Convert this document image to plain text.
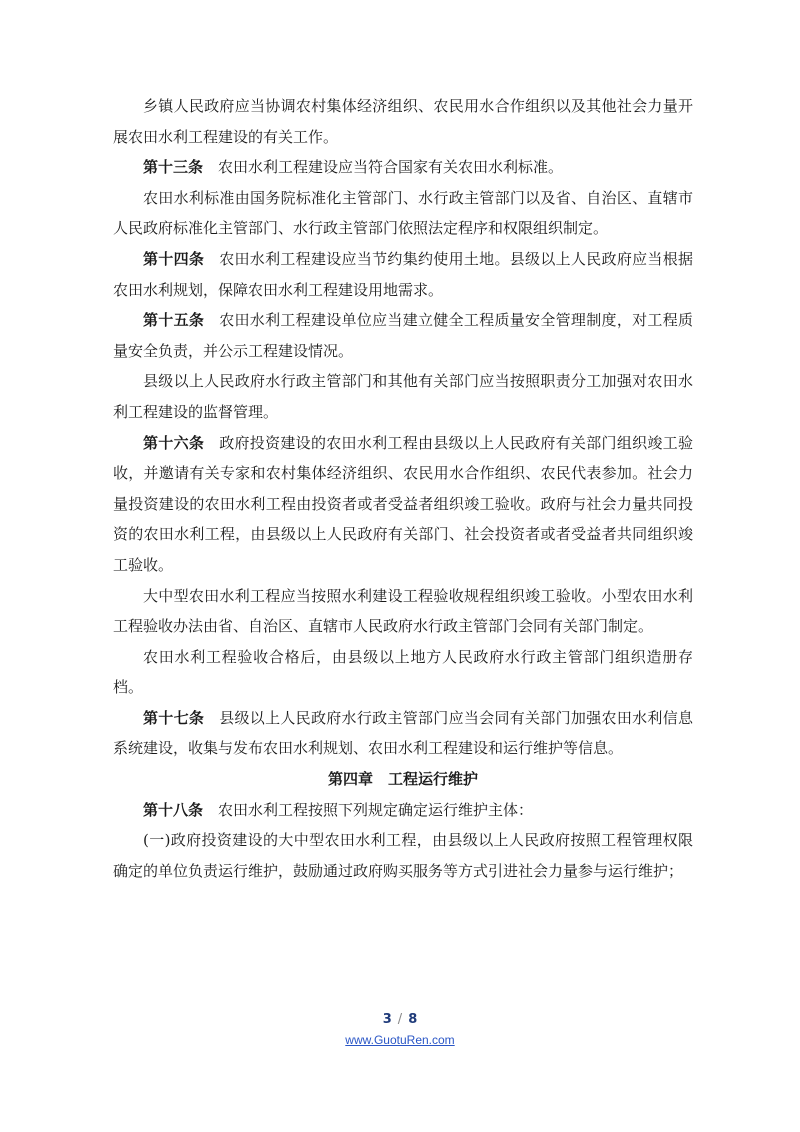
乡镇人民政府应当协调农村集体经济组织、农民用水合作组织以及其他社会力量开展农田水利工程建设的有关工作。

第十三条 农田水利工程建设应当符合国家有关农田水利标准。

农田水利标准由国务院标准化主管部门、水行政主管部门以及省、自治区、直辖市人民政府标准化主管部门、水行政主管部门依照法定程序和权限组织制定。

第十四条 农田水利工程建设应当节约集约使用土地。县级以上人民政府应当根据农田水利规划，保障农田水利工程建设用地需求。

第十五条 农田水利工程建设单位应当建立健全工程质量安全管理制度，对工程质量安全负责，并公示工程建设情况。

县级以上人民政府水行政主管部门和其他有关部门应当按照职责分工加强对农田水利工程建设的监督管理。

第十六条 政府投资建设的农田水利工程由县级以上人民政府有关部门组织竣工验收，并邀请有关专家和农村集体经济组织、农民用水合作组织、农民代表参加。社会力量投资建设的农田水利工程由投资者或者受益者组织竣工验收。政府与社会力量共同投资的农田水利工程，由县级以上人民政府有关部门、社会投资者或者受益者共同组织竣工验收。

大中型农田水利工程应当按照水利建设工程验收规程组织竣工验收。小型农田水利工程验收办法由省、自治区、直辖市人民政府水行政主管部门会同有关部门制定。

农田水利工程验收合格后，由县级以上地方人民政府水行政主管部门组织造册存档。

第十七条 县级以上人民政府水行政主管部门应当会同有关部门加强农田水利信息系统建设，收集与发布农田水利规划、农田水利工程建设和运行维护等信息。

第四章 工程运行维护

第十八条 农田水利工程按照下列规定确定运行维护主体：

(一)政府投资建设的大中型农田水利工程，由县级以上人民政府按照工程管理权限确定的单位负责运行维护，鼓励通过政府购买服务等方式引进社会力量参与运行维护；

3 / 8
www.GuotuRen.com
